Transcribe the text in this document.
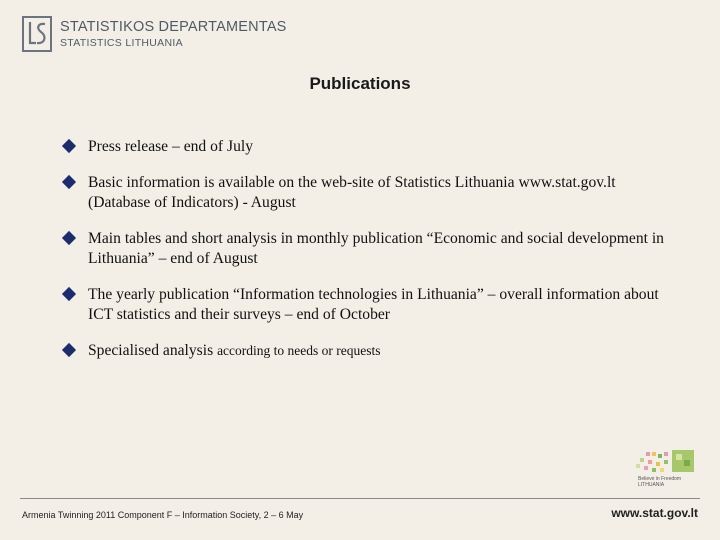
STATISTIKOS DEPARTAMENTAS
STATISTICS LITHUANIA
Publications
Press release – end of July
Basic information is available on the web-site of Statistics Lithuania www.stat.gov.lt (Database of Indicators) - August
Main tables and short analysis in monthly publication “Economic and social development in Lithuania” – end of August
The yearly publication “Information technologies in Lithuania” – overall information about ICT statistics and their surveys – end of October
Specialised analysis according to needs or requests
Believe in Freedom
LITHUANIA
Armenia Twinning 2011 Component F – Information Society, 2 – 6 May	www.stat.gov.lt
